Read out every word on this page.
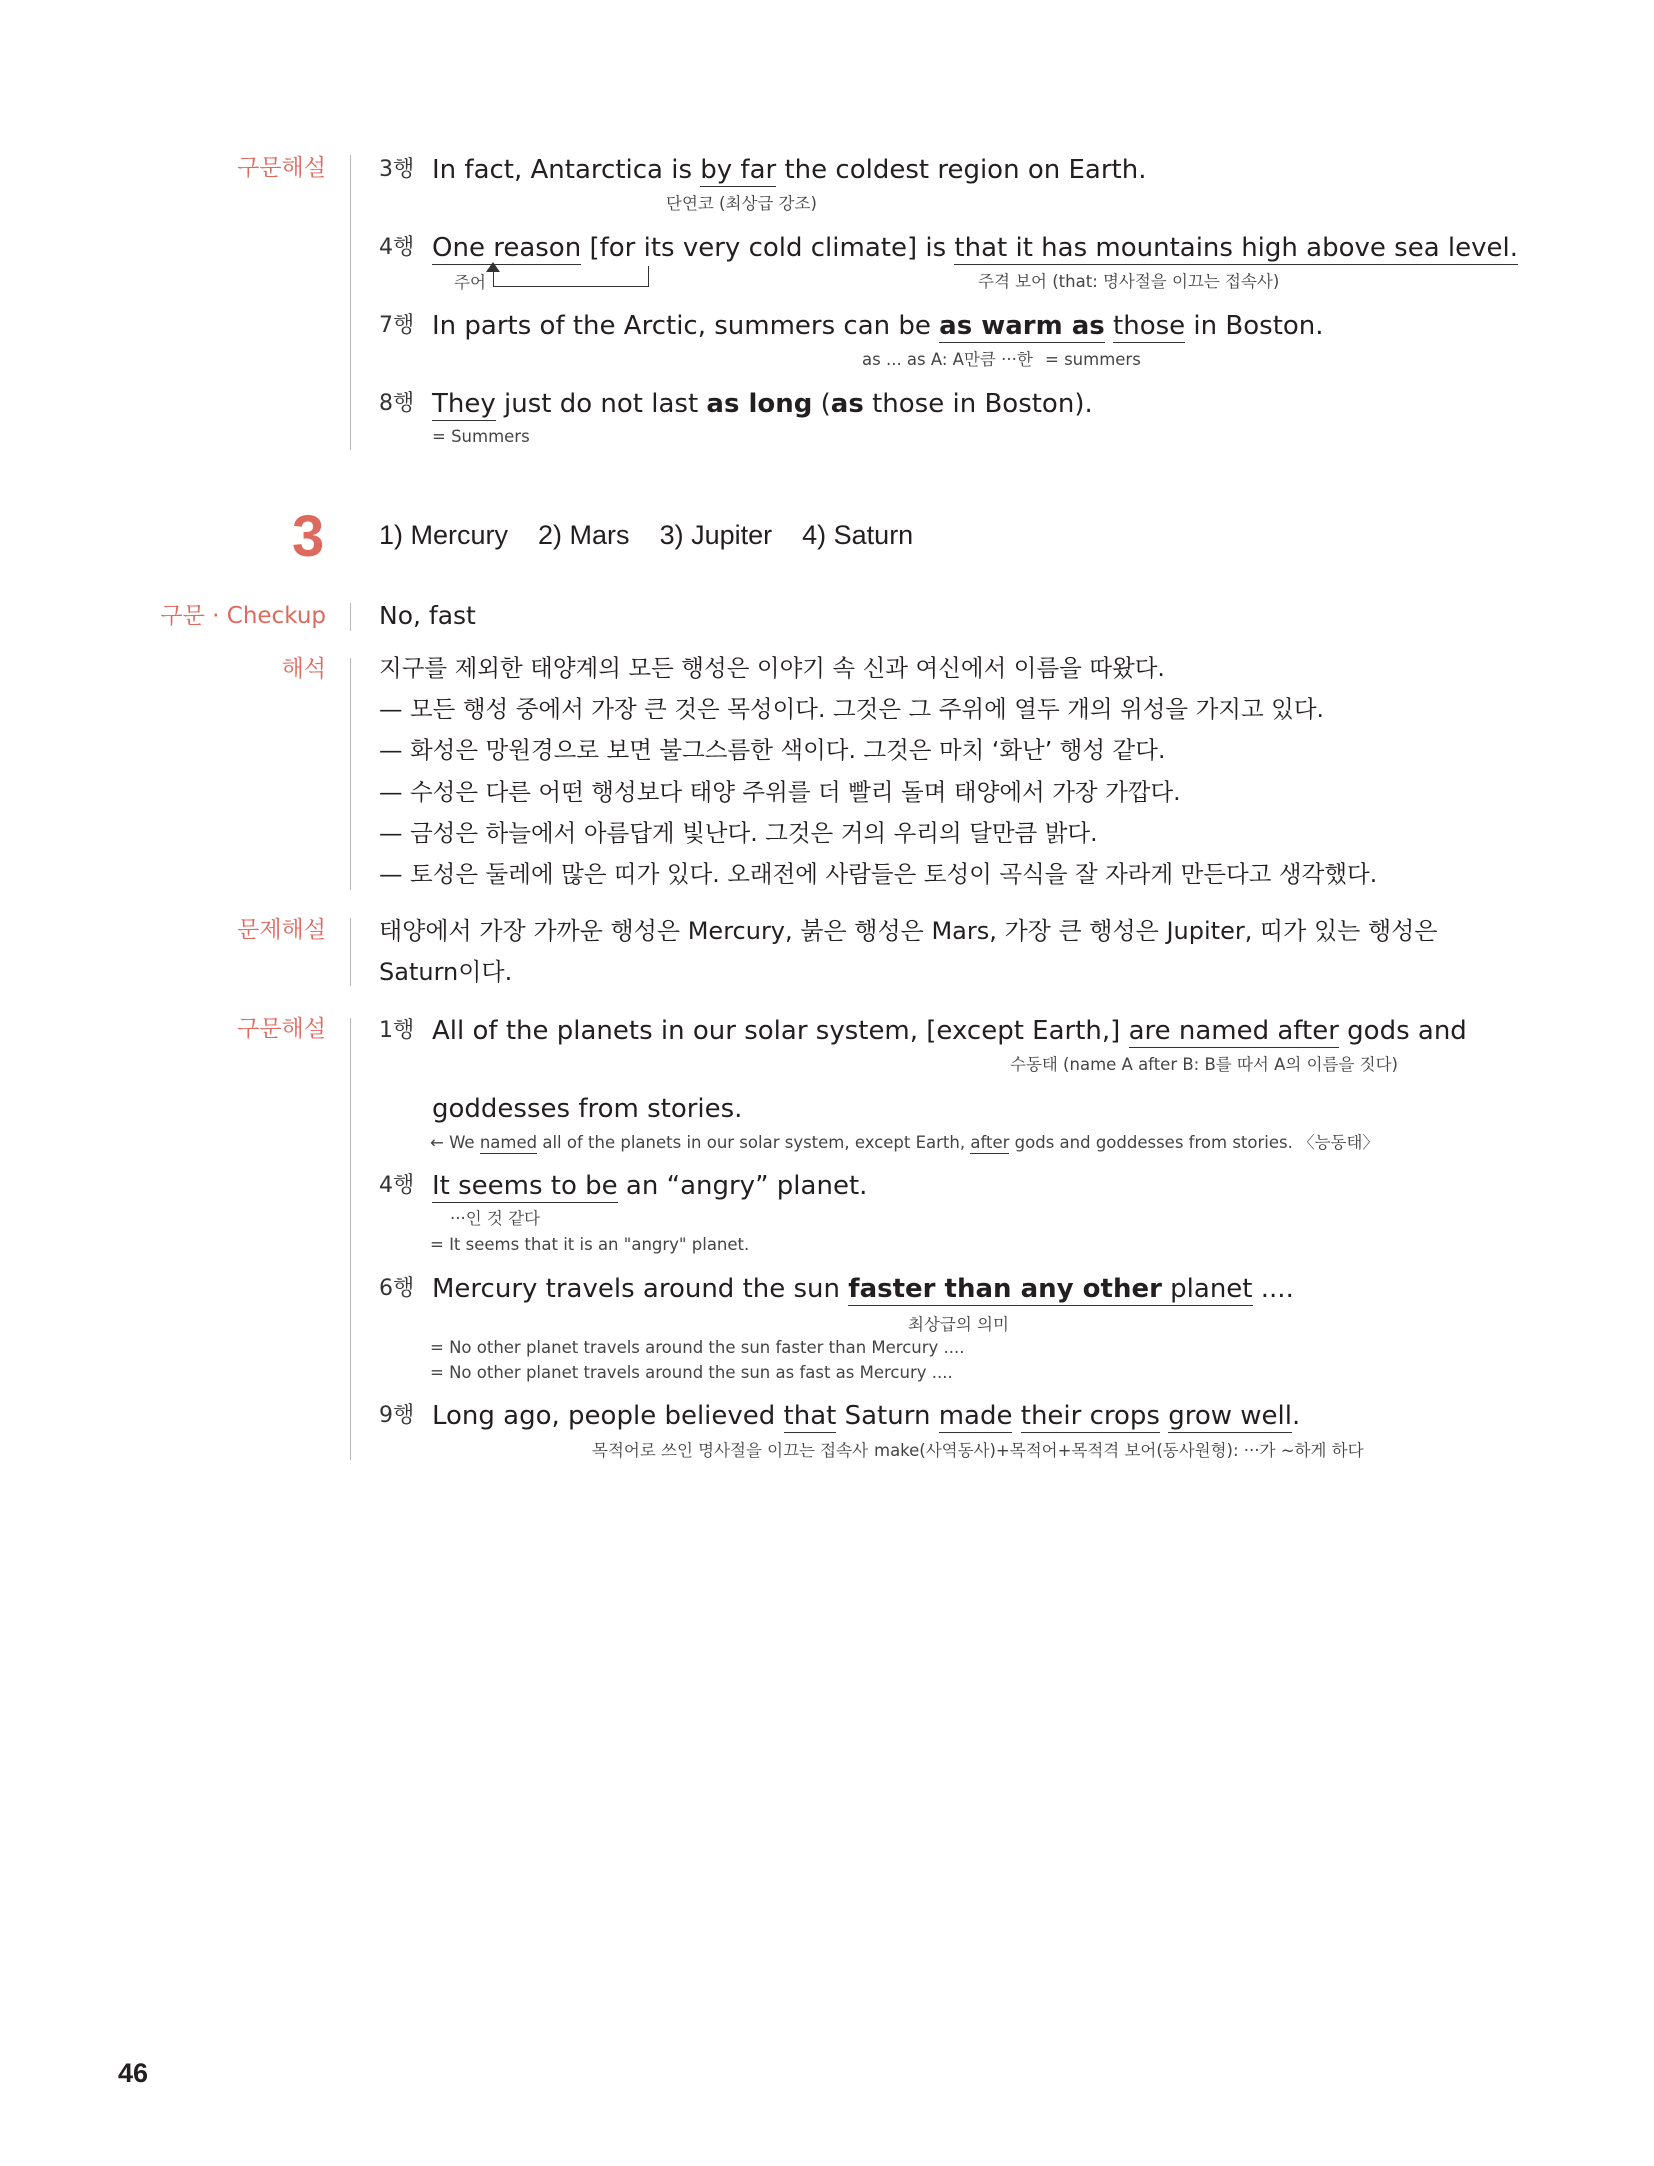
구문해설 3행 In fact, Antarctica is by far the coldest region on Earth.
단연코 (최상급 강조)
4행 One reason [for its very cold climate] is that it has mountains high above sea level.
주어	주격 보어 (that: 명사절을 이끄는 접속사)
7행 In parts of the Arctic, summers can be as warm as those in Boston.
as ... as A: A만큼 ···한 = summers
8행 They just do not last as long (as those in Boston).
= Summers
3 1) Mercury 2) Mars 3) Jupiter 4) Saturn
구문 · Checkup No, fast
해석 지구를 제외한 태양계의 모든 행성은 이야기 속 신과 여신에서 이름을 따왔다.
— 모든 행성 중에서 가장 큰 것은 목성이다. 그것은 그 주위에 열두 개의 위성을 가지고 있다.
— 화성은 망원경으로 보면 불그스름한 색이다. 그것은 마치 ‘화난’ 행성 같다.
— 수성은 다른 어떤 행성보다 태양 주위를 더 빨리 돌며 태양에서 가장 가깝다.
— 금성은 하늘에서 아름답게 빛난다. 그것은 거의 우리의 달만큼 밝다.
— 토성은 둘레에 많은 띠가 있다. 오래전에 사람들은 토성이 곡식을 잘 자라게 만든다고 생각했다.
문제해설 태양에서 가장 가까운 행성은 Mercury, 붉은 행성은 Mars, 가장 큰 행성은 Jupiter, 띠가 있는 행성은
Saturn이다.
구문해설 1행 All of the planets in our solar system, [except Earth,] are named after gods and
수동태 (name A after B: B를 따서 A의 이름을 짓다)
goddesses from stories.
← We named all of the planets in our solar system, except Earth, after gods and goddesses from stories. 〈능동태〉
4행 It seems to be an “angry” planet.
···인 것 같다
= It seems that it is an "angry" planet.
6행 Mercury travels around the sun faster than any other planet ....
최상급의 의미
= No other planet travels around the sun faster than Mercury ....
= No other planet travels around the sun as fast as Mercury ....
9행 Long ago, people believed that Saturn made their crops grow well.
목적어로 쓰인 명사절을 이끄는 접속사 make(사역동사)+목적어+목적격 보어(동사원형): ···가 ~하게 하다
46
